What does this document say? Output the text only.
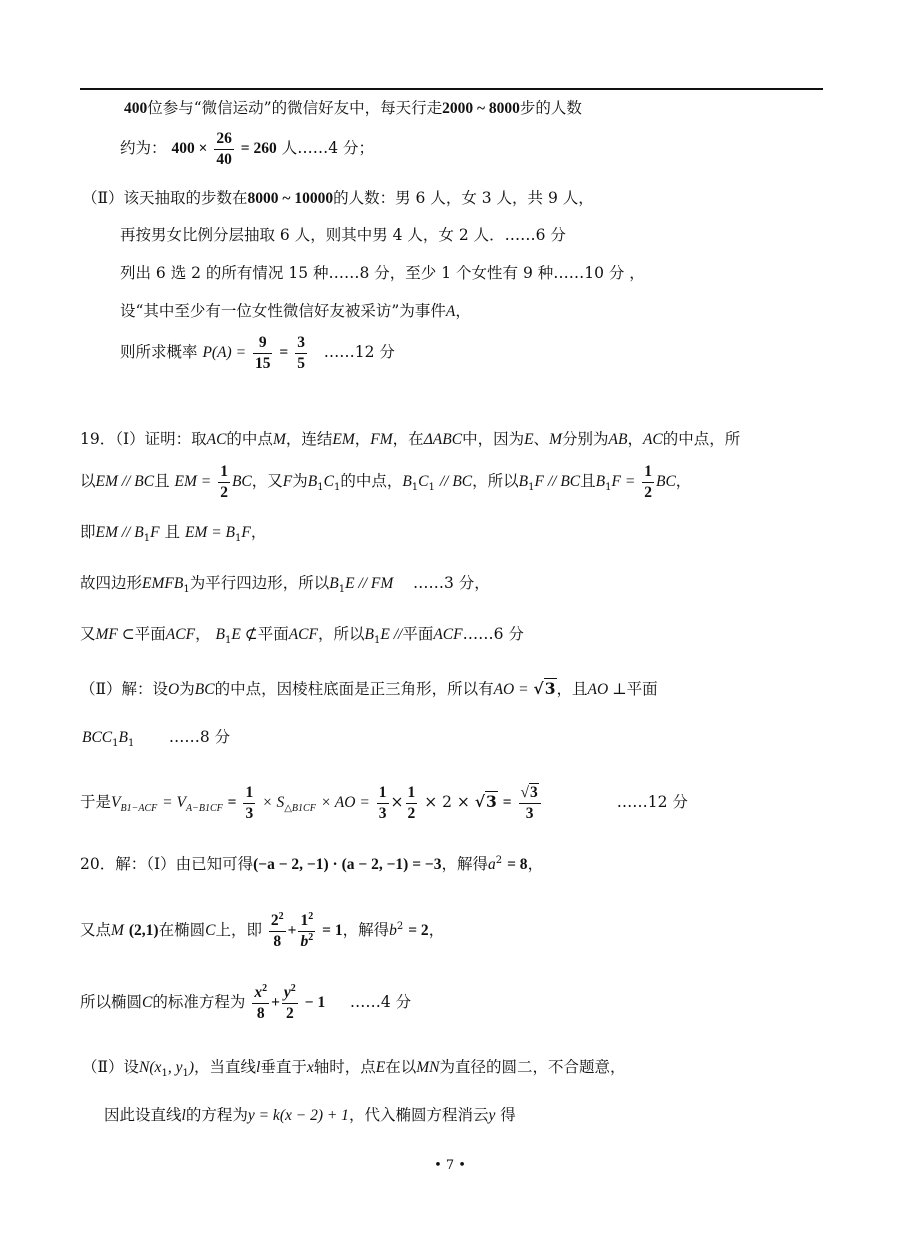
400位参与“微信运动”的微信好友中，每天行走2000 ~ 8000步的人数
约为： $400 \times \frac{26}{40} = 260$ 人……4 分；
（Ⅱ）该天抽取的步数在8000 ~ 10000的人数：男 6 人，女 3 人，共 9 人，
再按男女比例分层抽取 6 人，则其中男 4 人，女 2 人．……6 分
列出 6 选 2 的所有情况 15 种……8 分，至少 1 个女性有 9 种……10 分 ，
设“其中至少有一位女性微信好友被采访”为事件A，
则所求概率 $P(A) = \frac{9}{15} = \frac{3}{5}$ ……12 分
19．（Ⅰ）证明：取AC的中点M，连结EM，FM，在ΔABC中，因为E、M分别为AB，AC的中点，所
以EM // BC且 EM = $\frac{1}{2}$ BC，又F为$B_1C_1$的中点，$B_1C_1$ // BC，所以$B_1F$ // BC且$B_1F = \frac{1}{2}$ BC，
即EM // $B_1F$ 且 EM = $B_1F$，
故四边形$EMFB_1$为平行四边形，所以$B_1E$ // FM ……3 分，
又MF ⊂平面ACF， $B_1E$ ⊄平面ACF，所以$B_1E$ //平面ACF……6 分
（Ⅱ）解：设O为BC的中点，因棱柱底面是正三角形，所以有AO = √3，且AO ⊥平面
$BCC_1B_1$ ……8 分
于是$V_{B1-ACF} = V_{A-B1CF} = \frac{1}{3} \times S_{\triangle B1CF}$ × AO = $\frac{1}{3} \times \frac{1}{2} \times 2 \times √3 = \frac{√3}{3}$	……12 分
20．解：（Ⅰ）由已知可得(−a − 2, −1) · (a − 2, −1) = −3，解得$a^2 = 8$，
又点M (2,1)在椭圆C上，即 $\frac{2^2}{8} + \frac{1^2}{b^2} = 1$，解得$b^2 = 2$，
所以椭圆C的标准方程为 $\frac{x^2}{8} + \frac{y^2}{2} - 1$ ……4 分
（Ⅱ）设$N(x_1$, $y_1$)，当直线l垂直于x轴时，点E在以MN为直径的圆二，不合题意，
因此设直线l的方程为y = k(x − 2) + 1，代入椭圆方程消云y 得
• 7 •
